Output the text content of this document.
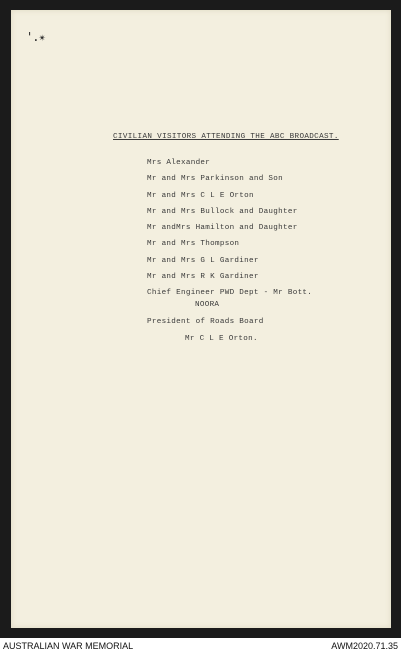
'.✴
CIVILIAN VISITORS ATTENDING THE ABC BROADCAST.
Mrs Alexander
Mr and Mrs Parkinson and Son
Mr and Mrs C L E Orton
Mr and Mrs Bullock and Daughter
Mr andMrs Hamilton and Daughter
Mr and Mrs Thompson
Mr and Mrs G L Gardiner
Mr and Mrs R K Gardiner
Chief Engineer PWD Dept - Mr Bott.
NOORA
President of Roads Board
Mr C L E Orton.
AUSTRALIAN WAR MEMORIAL	AWM2020.71.35
